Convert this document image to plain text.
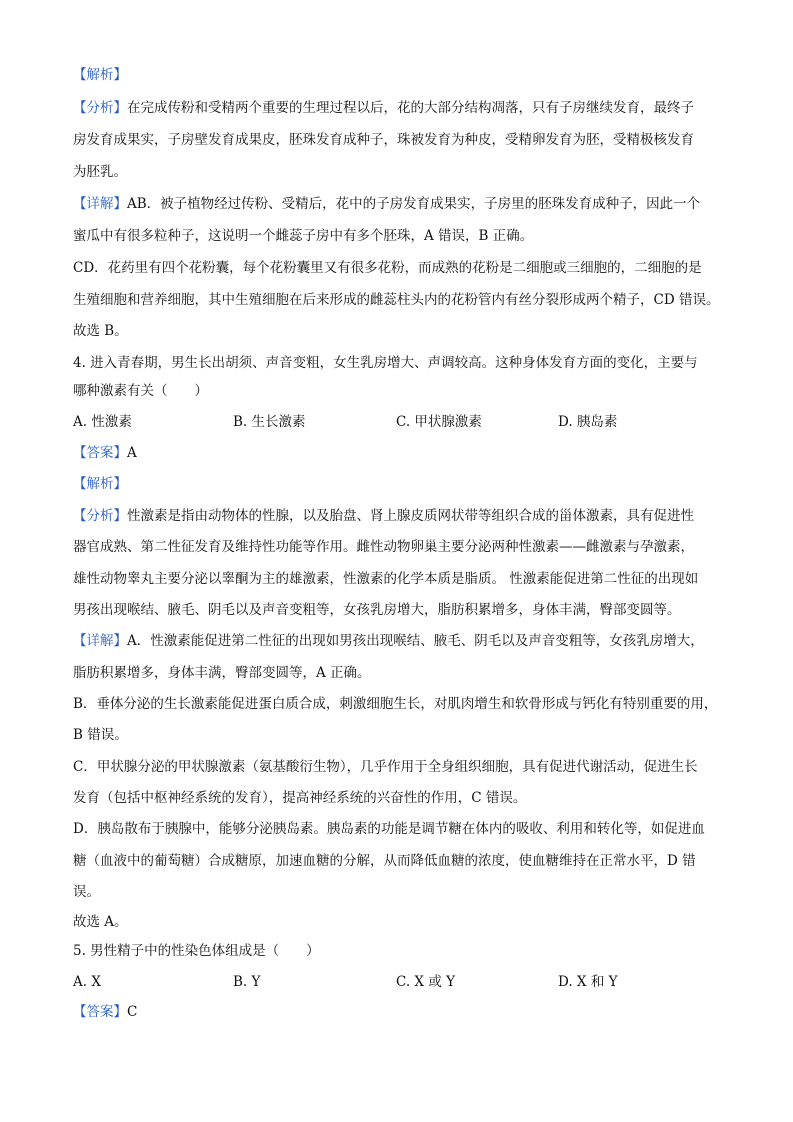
【解析】
【分析】在完成传粉和受精两个重要的生理过程以后，花的大部分结构凋落，只有子房继续发育，最终子
房发育成果实，子房壁发育成果皮，胚珠发育成种子，珠被发育为种皮，受精卵发育为胚，受精极核发育
为胚乳。
【详解】AB．被子植物经过传粉、受精后，花中的子房发育成果实，子房里的胚珠发育成种子，因此一个
蜜瓜中有很多粒种子，这说明一个雌蕊子房中有多个胚珠，A 错误，B 正确。
CD．花药里有四个花粉囊，每个花粉囊里又有很多花粉，而成熟的花粉是二细胞或三细胞的，二细胞的是
生殖细胞和营养细胞，其中生殖细胞在后来形成的雌蕊柱头内的花粉管内有丝分裂形成两个精子，CD 错误。
故选 B。
4. 进入青春期，男生长出胡须、声音变粗，女生乳房增大、声调较高。这种身体发育方面的变化，主要与
哪种激素有关（　　）
A. 性激素	B. 生长激素	C. 甲状腺激素	D. 胰岛素
【答案】A
【解析】
【分析】性激素是指由动物体的性腺，以及胎盘、肾上腺皮质网状带等组织合成的甾体激素，具有促进性
器官成熟、第二性征发育及维持性功能等作用。雌性动物卵巢主要分泌两种性激素——雌激素与孕激素，
雄性动物睾丸主要分泌以睾酮为主的雄激素，性激素的化学本质是脂质。 性激素能促进第二性征的出现如
男孩出现喉结、腋毛、阴毛以及声音变粗等，女孩乳房增大，脂肪积累增多，身体丰满，臀部变圆等。
【详解】A．性激素能促进第二性征的出现如男孩出现喉结、腋毛、阴毛以及声音变粗等，女孩乳房增大，
脂肪积累增多，身体丰满，臀部变圆等，A 正确。
B．垂体分泌的生长激素能促进蛋白质合成，刺激细胞生长，对肌肉增生和软骨形成与钙化有特别重要的用，
B 错误。
C．甲状腺分泌的甲状腺激素（氨基酸衍生物），几乎作用于全身组织细胞，具有促进代谢活动，促进生长
发育（包括中枢神经系统的发育），提高神经系统的兴奋性的作用，C 错误。
D．胰岛散布于胰腺中，能够分泌胰岛素。胰岛素的功能是调节糖在体内的吸收、利用和转化等，如促进血
糖（血液中的葡萄糖）合成糖原，加速血糖的分解，从而降低血糖的浓度，使血糖维持在正常水平，D 错
误。
故选 A。
5. 男性精子中的性染色体组成是（　　）
A. X	B. Y	C. X 或 Y	D. X 和 Y
【答案】C
